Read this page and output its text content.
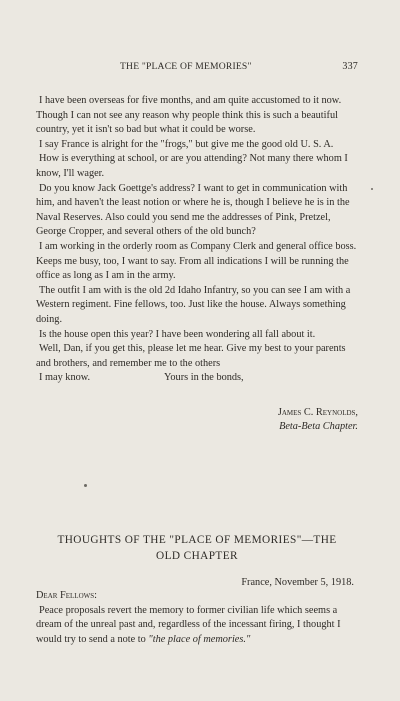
THE "PLACE OF MEMORIES"	337

I have been overseas for five months, and am quite accustomed to it now. Though I can not see any reason why people think this is such a beautiful country, yet it isn't so bad but what it could be worse.

I say France is alright for the "frogs," but give me the good old U. S. A.

How is everything at school, or are you attending? Not many there whom I know, I'll wager.

Do you know Jack Goettge's address? I want to get in communication with him, and haven't the least notion or where he is, though I believe he is in the Naval Reserves. Also could you send me the addresses of Pink, Pretzel, George Cropper, and several others of the old bunch?

I am working in the orderly room as Company Clerk and general office boss. Keeps me busy, too, I want to say. From all indications I will be running the office as long as I am in the army.

The outfit I am with is the old 2d Idaho Infantry, so you can see I am with a Western regiment. Fine fellows, too. Just like the house. Always something doing.

Is the house open this year? I have been wondering all fall about it.

Well, Dan, if you get this, please let me hear. Give my best to your parents and brothers, and remember me to the others

I may know.	Yours in the bonds,
James C. Reynolds,
Beta-Beta Chapter.
THOUGHTS OF THE "PLACE OF MEMORIES"—THE
OLD CHAPTER
France, November 5, 1918.
Dear Fellows:

Peace proposals revert the memory to former civilian life which seems a dream of the unreal past and, regardless of the incessant firing, I thought I would try to send a note to "the place of memories."
